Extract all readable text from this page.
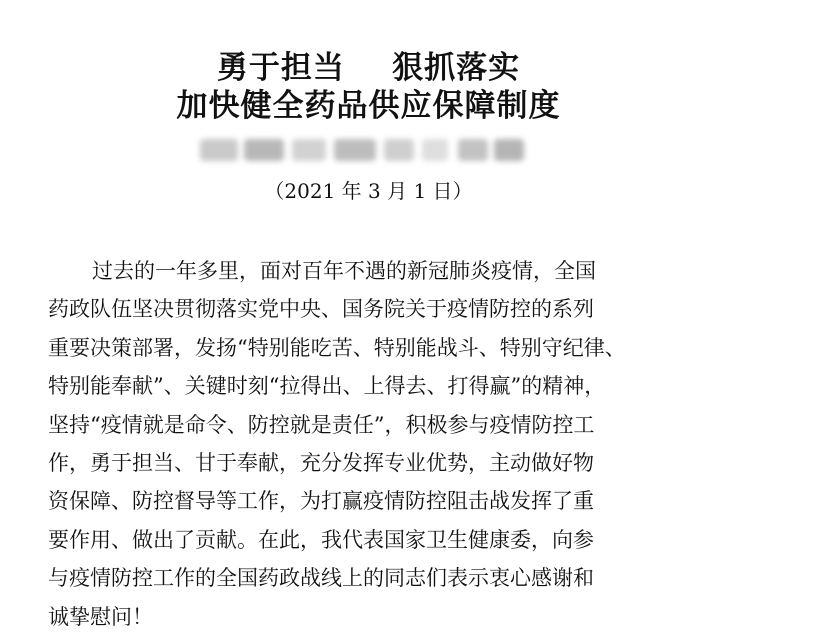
勇于担当    狠抓落实
加快健全药品供应保障制度
（2021 年 3 月 1 日）
过去的一年多里，面对百年不遇的新冠肺炎疫情，全国
药政队伍坚决贯彻落实党中央、国务院关于疫情防控的系列
重要决策部署，发扬“特别能吃苦、特别能战斗、特别守纪律、
特别能奉献”、关键时刻“拉得出、上得去、打得赢”的精神，
坚持“疫情就是命令、防控就是责任”，积极参与疫情防控工
作，勇于担当、甘于奉献，充分发挥专业优势，主动做好物
资保障、防控督导等工作，为打赢疫情防控阻击战发挥了重
要作用、做出了贡献。在此，我代表国家卫生健康委，向参
与疫情防控工作的全国药政战线上的同志们表示衷心感谢和
诚挚慰问！
